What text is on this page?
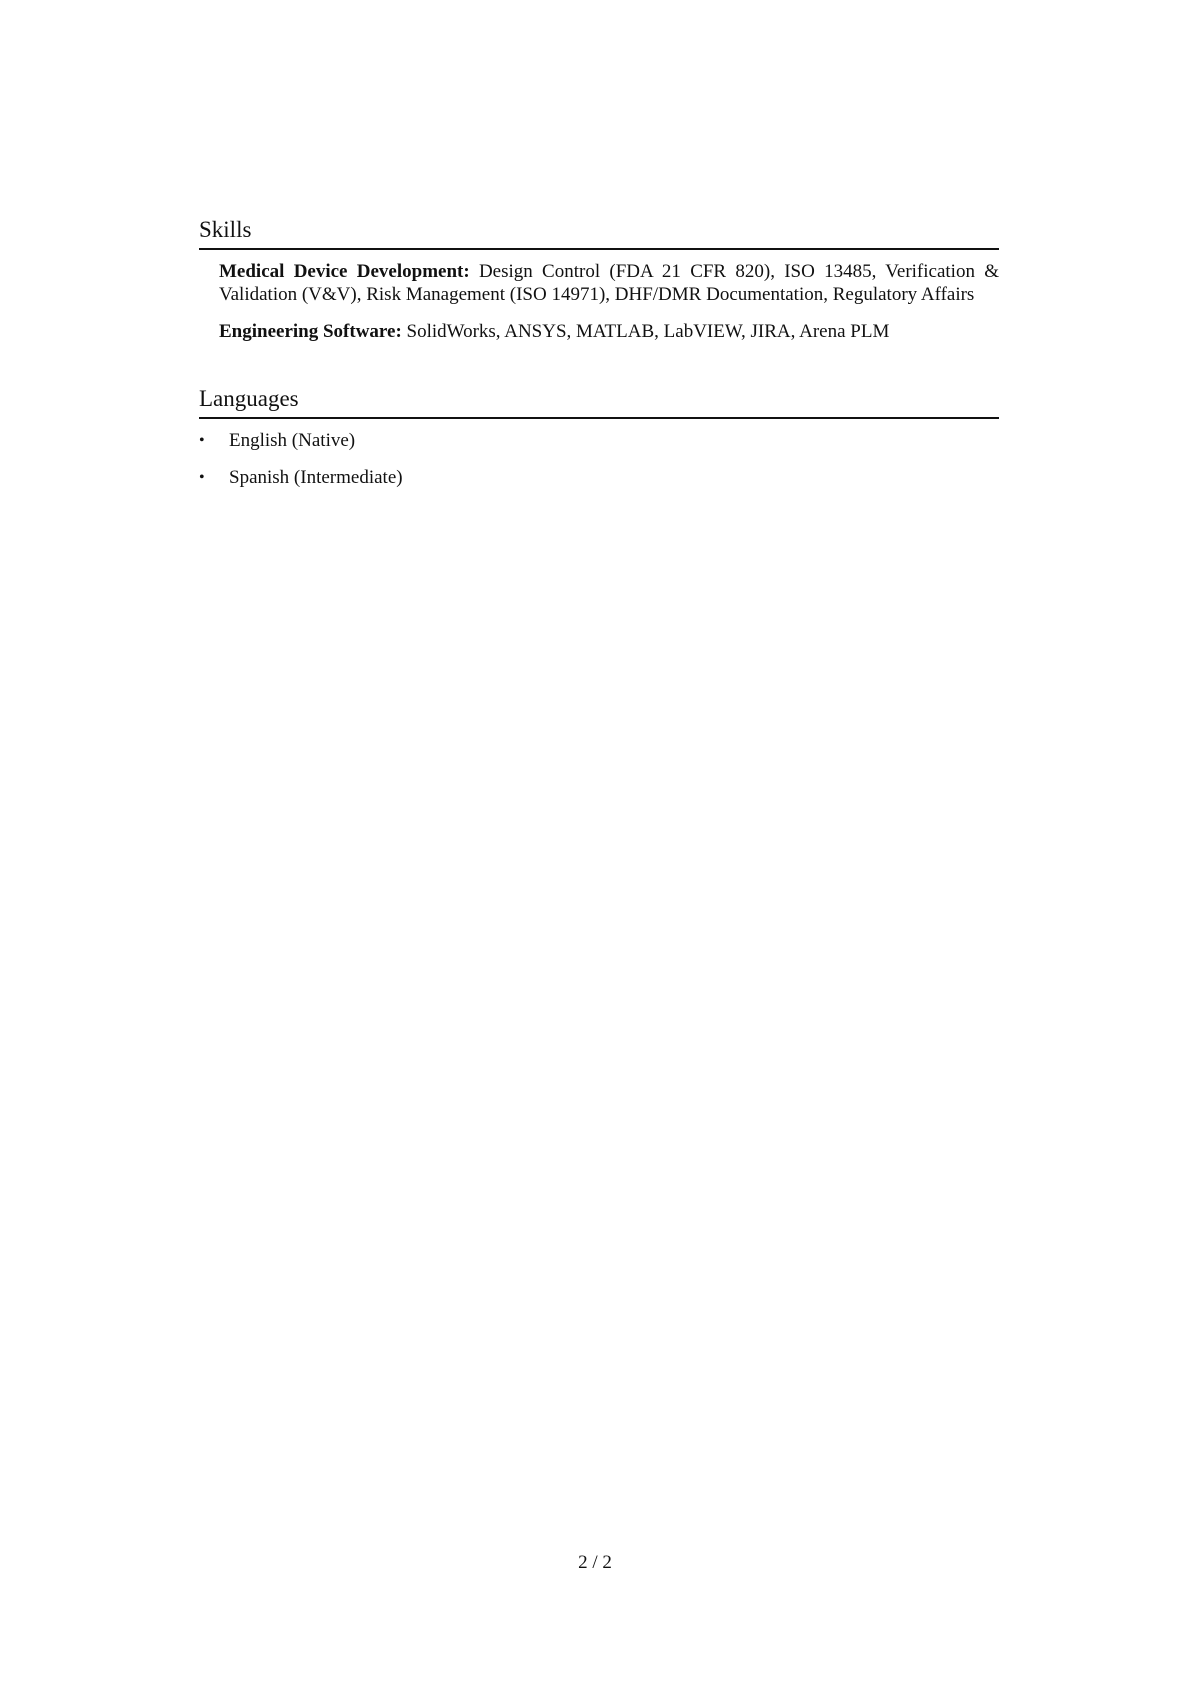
Skills

Medical Device Development: Design Control (FDA 21 CFR 820), ISO 13485, Verification & Validation (V&V), Risk Management (ISO 14971), DHF/DMR Documentation, Regulatory Affairs

Engineering Software: SolidWorks, ANSYS, MATLAB, LabVIEW, JIRA, Arena PLM

Languages
• English (Native)
• Spanish (Intermediate)
2 / 2
